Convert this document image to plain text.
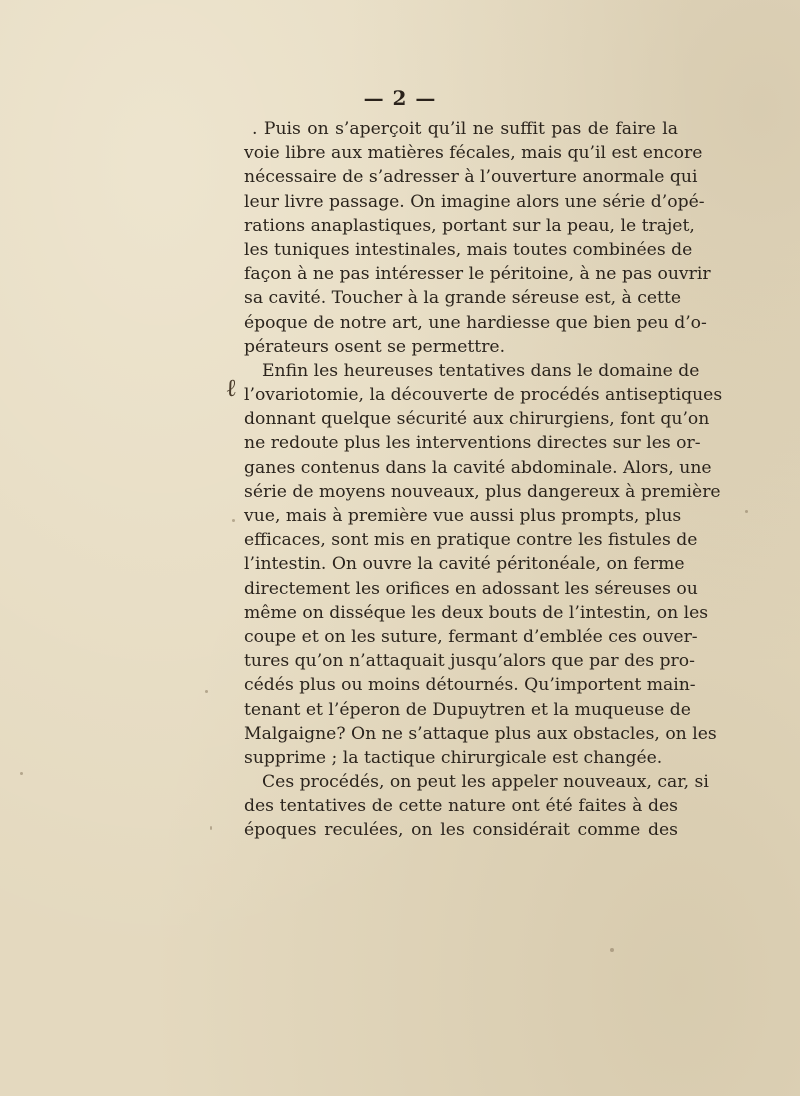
— 2 —
ℓ
. Puis on s’aperçoit qu’il ne suffit pas de faire la
voie libre aux matières fécales, mais qu’il est encore
nécessaire de s’adresser à l’ouverture anormale qui
leur livre passage. On imagine alors une série d’opé-
rations anaplastiques, portant sur la peau, le trajet,
les tuniques intestinales, mais toutes combinées de
façon à ne pas intéresser le péritoine, à ne pas ouvrir
sa cavité. Toucher à la grande séreuse est, à cette
époque de notre art, une hardiesse que bien peu d’o-
pérateurs osent se permettre.
Enfin les heureuses tentatives dans le domaine de
l’ovariotomie, la découverte de procédés antiseptiques
donnant quelque sécurité aux chirurgiens, font qu’on
ne redoute plus les interventions directes sur les or-
ganes contenus dans la cavité abdominale. Alors, une
série de moyens nouveaux, plus dangereux à première
vue, mais à première vue aussi plus prompts, plus
efficaces, sont mis en pratique contre les fistules de
l’intestin. On ouvre la cavité péritonéale, on ferme
directement les orifices en adossant les séreuses ou
même on disséque les deux bouts de l’intestin, on les
coupe et on les suture, fermant d’emblée ces ouver-
tures qu’on n’attaquait jusqu’alors que par des pro-
cédés plus ou moins détournés. Qu’importent main-
tenant et l’éperon de Dupuytren et la muqueuse de
Malgaigne? On ne s’attaque plus aux obstacles, on les
supprime ; la tactique chirurgicale est changée.
Ces procédés, on peut les appeler nouveaux, car, si
des tentatives de cette nature ont été faites à des
époques reculées, on les considérait comme des
